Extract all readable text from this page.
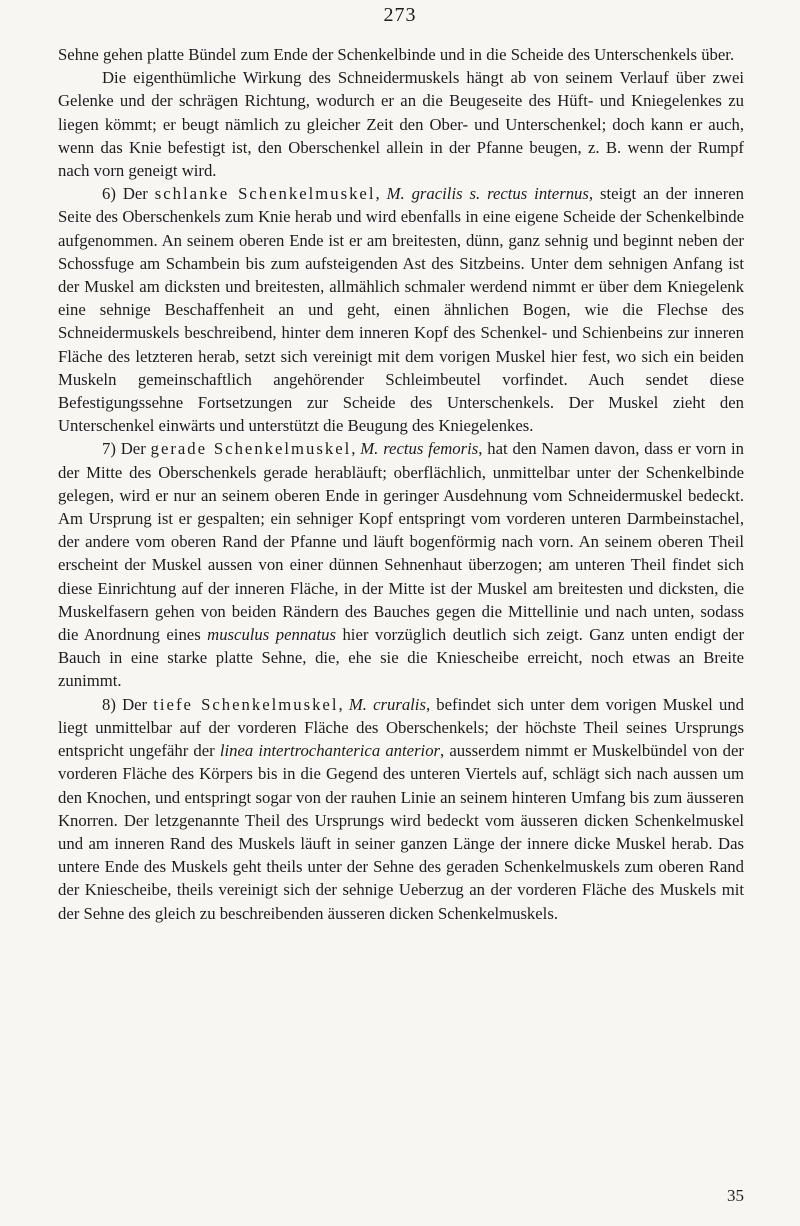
273

Sehne gehen platte Bündel zum Ende der Schenkelbinde und in die Scheide des Unterschenkels über.

Die eigenthümliche Wirkung des Schneidermuskels hängt ab von seinem Verlauf über zwei Gelenke und der schrägen Richtung, wodurch er an die Beugeseite des Hüft- und Kniegelenkes zu liegen kömmt; er beugt nämlich zu gleicher Zeit den Ober- und Unterschenkel; doch kann er auch, wenn das Knie befestigt ist, den Oberschenkel allein in der Pfanne beugen, z. B. wenn der Rumpf nach vorn geneigt wird.

6) Der schlanke Schenkelmuskel, M. gracilis s. rectus internus, steigt an der inneren Seite des Oberschenkels zum Knie herab und wird ebenfalls in eine eigene Scheide der Schenkelbinde aufgenommen. An seinem oberen Ende ist er am breitesten, dünn, ganz sehnig und beginnt neben der Schossfuge am Schambein bis zum aufsteigenden Ast des Sitzbeins. Unter dem sehnigen Anfang ist der Muskel am dicksten und breitesten, allmählich schmaler werdend nimmt er über dem Kniegelenk eine sehnige Beschaffenheit an und geht, einen ähnlichen Bogen, wie die Flechse des Schneidermuskels beschreibend, hinter dem inneren Kopf des Schenkel- und Schienbeins zur inneren Fläche des letzteren herab, setzt sich vereinigt mit dem vorigen Muskel hier fest, wo sich ein beiden Muskeln gemeinschaftlich angehörender Schleimbeutel vorfindet. Auch sendet diese Befestigungssehne Fortsetzungen zur Scheide des Unterschenkels. Der Muskel zieht den Unterschenkel einwärts und unterstützt die Beugung des Kniegelenkes.

7) Der gerade Schenkelmuskel, M. rectus femoris, hat den Namen davon, dass er vorn in der Mitte des Oberschenkels gerade herabläuft; oberflächlich, unmittelbar unter der Schenkelbinde gelegen, wird er nur an seinem oberen Ende in geringer Ausdehnung vom Schneidermuskel bedeckt. Am Ursprung ist er gespalten; ein sehniger Kopf entspringt vom vorderen unteren Darmbeinstachel, der andere vom oberen Rand der Pfanne und läuft bogenförmig nach vorn. An seinem oberen Theil erscheint der Muskel aussen von einer dünnen Sehnenhaut überzogen; am unteren Theil findet sich diese Einrichtung auf der inneren Fläche, in der Mitte ist der Muskel am breitesten und dicksten, die Muskelfasern gehen von beiden Rändern des Bauches gegen die Mittellinie und nach unten, sodass die Anordnung eines musculus pennatus hier vorzüglich deutlich sich zeigt. Ganz unten endigt der Bauch in eine starke platte Sehne, die, ehe sie die Kniescheibe erreicht, noch etwas an Breite zunimmt.

8) Der tiefe Schenkelmuskel, M. cruralis, befindet sich unter dem vorigen Muskel und liegt unmittelbar auf der vorderen Fläche des Oberschenkels; der höchste Theil seines Ursprungs entspricht ungefähr der linea intertrochanterica anterior, ausserdem nimmt er Muskelbündel von der vorderen Fläche des Körpers bis in die Gegend des unteren Viertels auf, schlägt sich nach aussen um den Knochen, und entspringt sogar von der rauhen Linie an seinem hinteren Umfang bis zum äusseren Knorren. Der letzgenannte Theil des Ursprungs wird bedeckt vom äusseren dicken Schenkelmuskel und am inneren Rand des Muskels läuft in seiner ganzen Länge der innere dicke Muskel herab. Das untere Ende des Muskels geht theils unter der Sehne des geraden Schenkelmuskels zum oberen Rand der Kniescheibe, theils vereinigt sich der sehnige Ueberzug an der vorderen Fläche des Muskels mit der Sehne des gleich zu beschreibenden äusseren dicken Schenkelmuskels.

35
